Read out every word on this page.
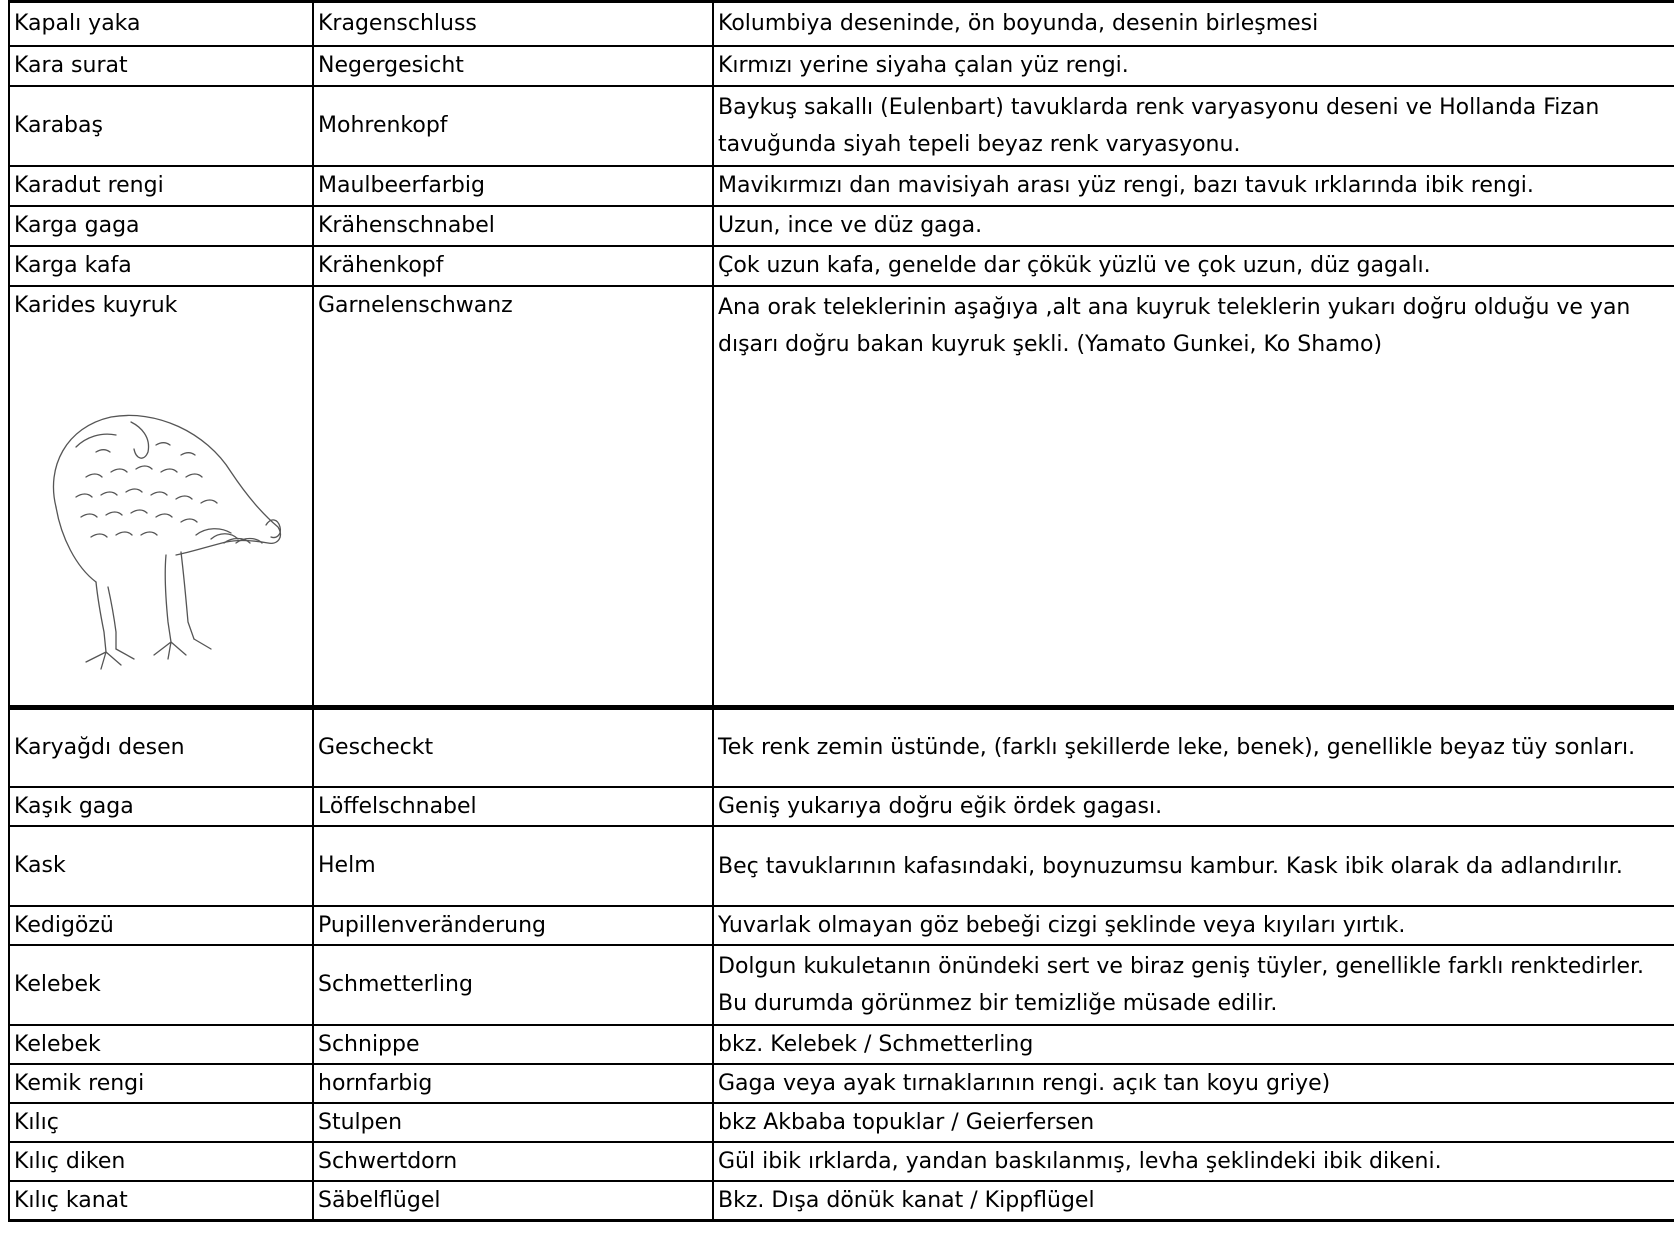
Kapalı yaka	Kragenschluss	Kolumbiya deseninde, ön boyunda, desenin birleşmesi
Kara surat	Negergesicht	Kırmızı yerine siyaha çalan yüz rengi.
Karabaş	Mohrenkopf	Baykuş sakallı (Eulenbart) tavuklarda renk varyasyonu deseni ve Hollanda Fizan tavuğunda siyah tepeli beyaz renk varyasyonu.
Karadut rengi	Maulbeerfarbig	Mavikırmızı dan mavisiyah arası yüz rengi, bazı tavuk ırklarında ibik rengi.
Karga gaga	Krähenschnabel	Uzun, ince ve düz gaga.
Karga kafa	Krähenkopf	Çok uzun kafa, genelde dar çökük yüzlü ve çok uzun, düz gagalı.
Karides kuyruk	Garnelenschwanz	Ana orak teleklerinin aşağıya ,alt ana kuyruk teleklerin yukarı doğru olduğu ve yan dışarı doğru bakan kuyruk şekli. (Yamato Gunkei, Ko Shamo)
Karyağdı desen	Gescheckt	Tek renk zemin üstünde, (farklı şekillerde leke, benek), genellikle beyaz tüy sonları.
Kaşık gaga	Löffelschnabel	Geniş yukarıya doğru eğik ördek gagası.
Kask	Helm	Beç tavuklarının kafasındaki, boynuzumsu kambur. Kask ibik olarak da adlandırılır.
Kedigözü	Pupillenveränderung	Yuvarlak olmayan göz bebeği cizgi şeklinde veya kıyıları yırtık.
Kelebek	Schmetterling	Dolgun kukuletanın önündeki sert ve biraz geniş tüyler, genellikle farklı renktedirler. Bu durumda görünmez bir temizliğe müsade edilir.
Kelebek	Schnippe	bkz. Kelebek / Schmetterling
Kemik rengi	hornfarbig	Gaga veya ayak tırnaklarının rengi. açık tan koyu griye)
Kılıç	Stulpen	bkz Akbaba topuklar / Geierfersen
Kılıç diken	Schwertdorn	Gül ibik ırklarda, yandan baskılanmış, levha şeklindeki ibik dikeni.
Kılıç kanat	Säbelflügel	Bkz. Dışa dönük kanat / Kippflügel
